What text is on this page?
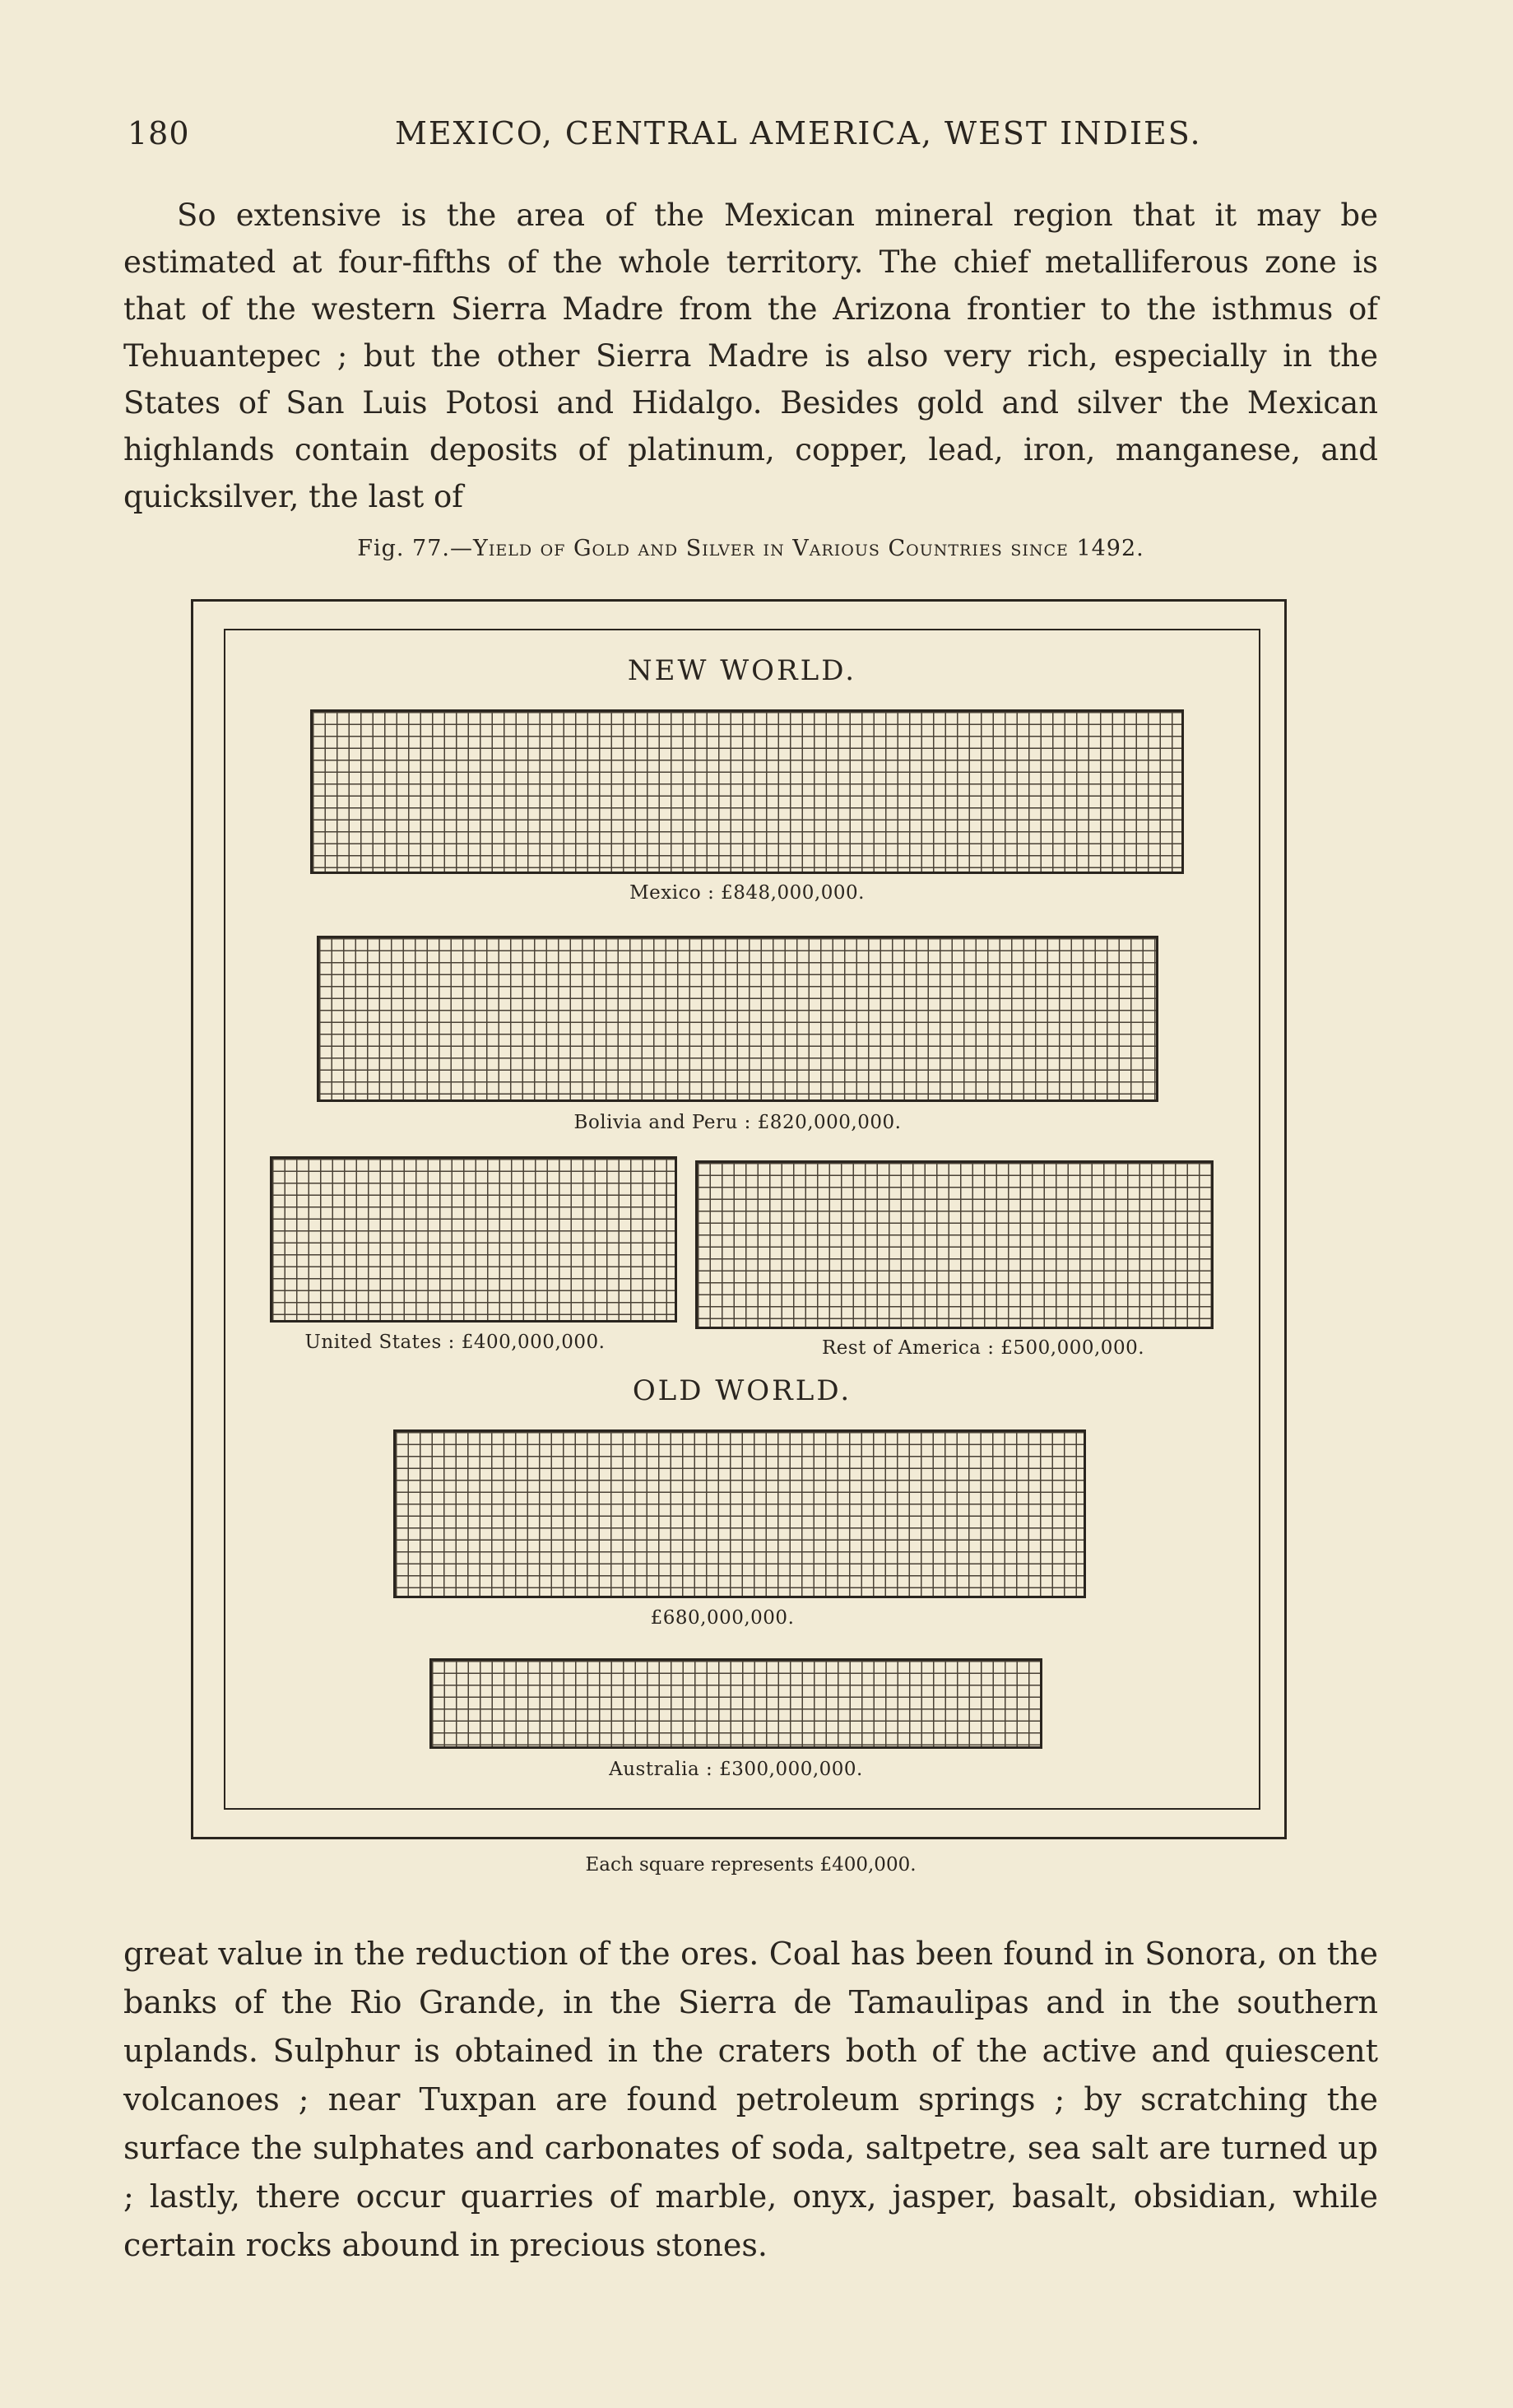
180	MEXICO, CENTRAL AMERICA, WEST INDIES.
So extensive is the area of the Mexican mineral region that it may be estimated at four-fifths of the whole territory. The chief metalliferous zone is that of the western Sierra Madre from the Arizona frontier to the isthmus of Tehuantepec ; but the other Sierra Madre is also very rich, especially in the States of San Luis Potosi and Hidalgo. Besides gold and silver the Mexican highlands contain deposits of platinum, copper, lead, iron, manganese, and quicksilver, the last of
Fig. 77.—Yield of Gold and Silver in Various Countries since 1492.
NEW WORLD.
Mexico : £848,000,000.
Bolivia and Peru : £820,000,000.
United States : £400,000,000.	Rest of America : £500,000,000.
OLD WORLD.
£680,000,000.
Australia : £300,000,000.
Each square represents £400,000.
great value in the reduction of the ores. Coal has been found in Sonora, on the banks of the Rio Grande, in the Sierra de Tamaulipas and in the southern uplands. Sulphur is obtained in the craters both of the active and quiescent volcanoes ; near Tuxpan are found petroleum springs ; by scratching the surface the sulphates and carbonates of soda, saltpetre, sea salt are turned up ; lastly, there occur quarries of marble, onyx, jasper, basalt, obsidian, while certain rocks abound in precious stones.
